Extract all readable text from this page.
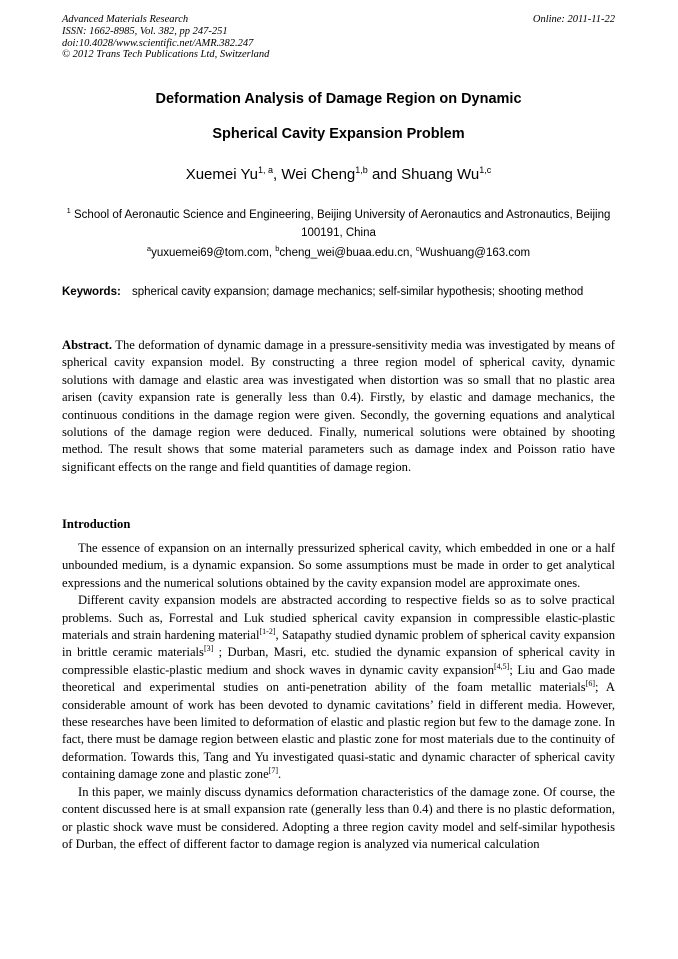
Advanced Materials Research
ISSN: 1662-8985, Vol. 382, pp 247-251
doi:10.4028/www.scientific.net/AMR.382.247
© 2012 Trans Tech Publications Ltd, Switzerland
Online: 2011-11-22
Deformation Analysis of Damage Region on Dynamic
Spherical Cavity Expansion Problem
Xuemei Yu$^{1, a}$, Wei Cheng$^{1,b}$ and Shuang Wu$^{1,c}$
$^1$ School of Aeronautic Science and Engineering, Beijing University of Aeronautics and Astronautics, Beijing 100191, China
$^a$yuxuemei69@tom.com, $^b$cheng_wei@buaa.edu.cn, $^c$Wushuang@163.com
Keywords: spherical cavity expansion; damage mechanics; self-similar hypothesis; shooting method
Abstract. The deformation of dynamic damage in a pressure-sensitivity media was investigated by means of spherical cavity expansion model. By constructing a three region model of spherical cavity, dynamic solutions with damage and elastic area was investigated when distortion was so small that no plastic area arisen (cavity expansion rate is generally less than 0.4). Firstly, by elastic and damage mechanics, the continuous conditions in the damage region were given. Secondly, the governing equations and analytical solutions of the damage region were deduced. Finally, numerical solutions were obtained by shooting method. The result shows that some material parameters such as damage index and Poisson ratio have significant effects on the range and field quantities of damage region.
Introduction

The essence of expansion on an internally pressurized spherical cavity, which embedded in one or a half unbounded medium, is a dynamic expansion. So some assumptions must be made in order to get analytical expressions and the numerical solutions obtained by the cavity expansion model are approximate ones.

Different cavity expansion models are abstracted according to respective fields so as to solve practical problems. Such as, Forrestal and Luk studied spherical cavity expansion in compressible elastic-plastic materials and strain hardening material[1-2], Satapathy studied dynamic problem of spherical cavity expansion in brittle ceramic materials[3] ; Durban, Masri, etc. studied the dynamic expansion of spherical cavity in compressible elastic-plastic medium and shock waves in dynamic cavity expansion[4,5]; Liu and Gao made theoretical and experimental studies on anti-penetration ability of the foam metallic materials[6]; A considerable amount of work has been devoted to dynamic cavitations’ field in different media. However, these researches have been limited to deformation of elastic and plastic region but few to the damage zone. In fact, there must be damage region between elastic and plastic zone for most materials due to the continuity of deformation. Towards this, Tang and Yu investigated quasi-static and dynamic character of spherical cavity containing damage zone and plastic zone[7].

In this paper, we mainly discuss dynamics deformation characteristics of the damage zone. Of course, the content discussed here is at small expansion rate (generally less than 0.4) and there is no plastic deformation, or plastic shock wave must be considered. Adopting a three region cavity model and self-similar hypothesis of Durban, the effect of different factor to damage region is analyzed via numerical calculation
